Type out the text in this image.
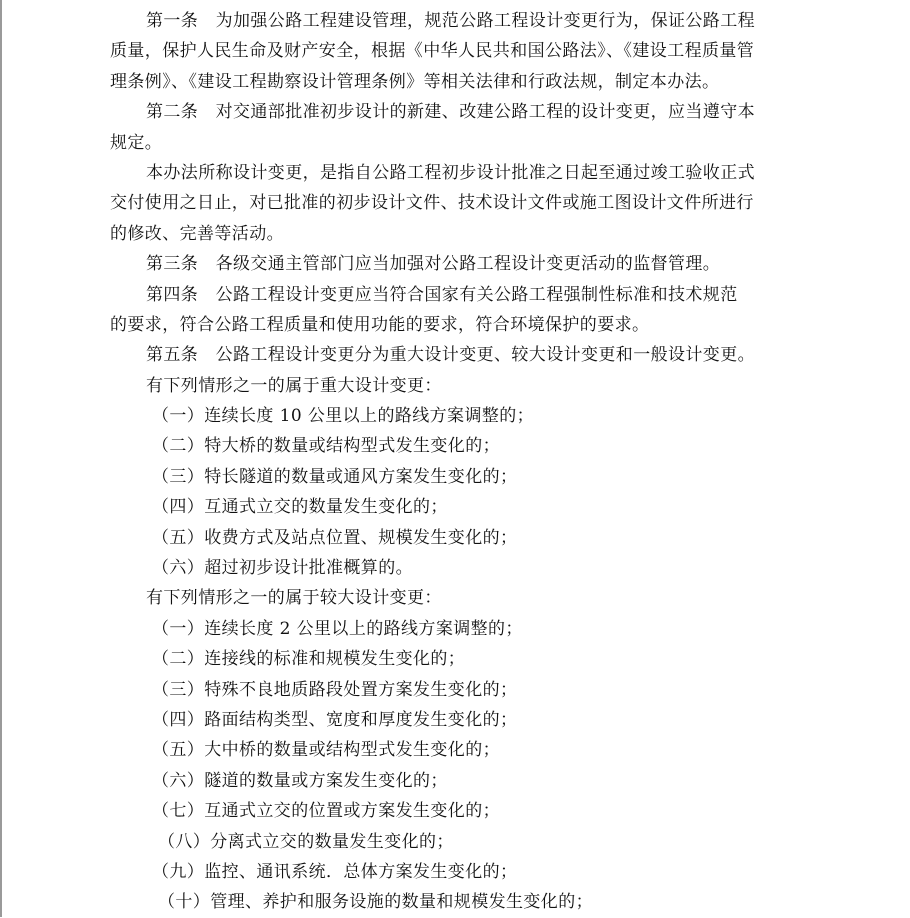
第一条　为加强公路工程建设管理，规范公路工程设计变更行为，保证公路工程
质量，保护人民生命及财产安全，根据《中华人民共和国公路法》、《建设工程质量管
理条例》、《建设工程勘察设计管理条例》等相关法律和行政法规，制定本办法。
第二条　对交通部批准初步设计的新建、改建公路工程的设计变更，应当遵守本
规定。
本办法所称设计变更，是指自公路工程初步设计批准之日起至通过竣工验收正式
交付使用之日止，对已批准的初步设计文件、技术设计文件或施工图设计文件所进行
的修改、完善等活动。
第三条　各级交通主管部门应当加强对公路工程设计变更活动的监督管理。
第四条　公路工程设计变更应当符合国家有关公路工程强制性标准和技术规范
的要求，符合公路工程质量和使用功能的要求，符合环境保护的要求。
第五条　公路工程设计变更分为重大设计变更、较大设计变更和一般设计变更。
有下列情形之一的属于重大设计变更：
（一）连续长度 10 公里以上的路线方案调整的；
（二）特大桥的数量或结构型式发生变化的；
（三）特长隧道的数量或通风方案发生变化的；
（四）互通式立交的数量发生变化的；
（五）收费方式及站点位置、规模发生变化的；
（六）超过初步设计批准概算的。
有下列情形之一的属于较大设计变更：
（一）连续长度 2 公里以上的路线方案调整的；
（二）连接线的标准和规模发生变化的；
（三）特殊不良地质路段处置方案发生变化的；
（四）路面结构类型、宽度和厚度发生变化的；
（五）大中桥的数量或结构型式发生变化的；
（六）隧道的数量或方案发生变化的；
（七）互通式立交的位置或方案发生变化的；
（八）分离式立交的数量发生变化的；
（九）监控、通讯系统．总体方案发生变化的；
（十）管理、养护和服务设施的数量和规模发生变化的；
